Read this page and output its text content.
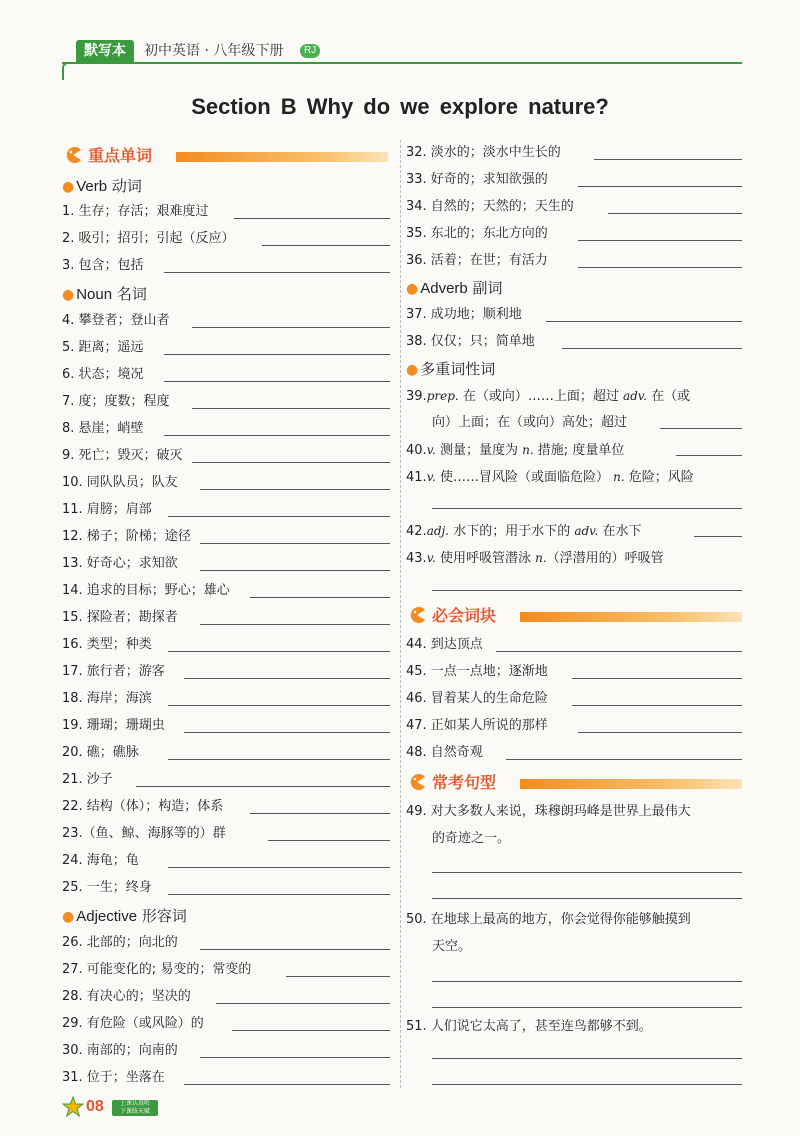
默写本	初中英语 · 八年级下册	RJ
Section B Why do we explore nature?
重点单词
● Verb 动词
1. 生存；存活；艰难度过
2. 吸引；招引；引起（反应）
3. 包含；包括
● Noun 名词
4. 攀登者；登山者
5. 距离；遥远
6. 状态；境况
7. 度；度数；程度
8. 悬崖；峭壁
9. 死亡；毁灭；破灭
10. 同队队员；队友
11. 肩膀；肩部
12. 梯子；阶梯；途径
13. 好奇心；求知欲
14. 追求的目标；野心；雄心
15. 探险者；勘探者
16. 类型；种类
17. 旅行者；游客
18. 海岸；海滨
19. 珊瑚；珊瑚虫
20. 礁；礁脉
21. 沙子
22. 结构（体）；构造；体系
23.（鱼、鲸、海豚等的）群
24. 海龟；龟
25. 一生；终身
● Adjective 形容词
26. 北部的；向北的
27. 可能变化的; 易变的；常变的
28. 有决心的；坚决的
29. 有危险（或风险）的
30. 南部的；向南的
31. 位于；坐落在
32. 淡水的；淡水中生长的
33. 好奇的；求知欲强的
34. 自然的；天然的；天生的
35. 东北的；东北方向的
36. 活着；在世；有活力
● Adverb 副词
37. 成功地；顺利地
38. 仅仅；只；简单地
● 多重词性词
39.prep. 在（或向）……上面；超过 adv. 在（或
向）上面；在（或向）高处；超过
40.v. 测量；量度为 n. 措施; 度量单位
41.v. 使……冒风险（或面临危险） n. 危险；风险
42.adj. 水下的；用于水下的 adv. 在水下
43.v. 使用呼吸管潜泳 n.（浮潜用的）呼吸管
必会词块
44. 到达顶点
45. 一点一点地；逐渐地
46. 冒着某人的生命危险
47. 正如某人所说的那样
48. 自然奇观
常考句型
49. 对大多数人来说，珠穆朗玛峰是世界上最伟大
的奇迹之一。
50. 在地球上最高的地方，你会觉得你能够触摸到
天空。
51. 人们说它太高了，甚至连鸟都够不到。
08	上课认真听
下课练天赋
